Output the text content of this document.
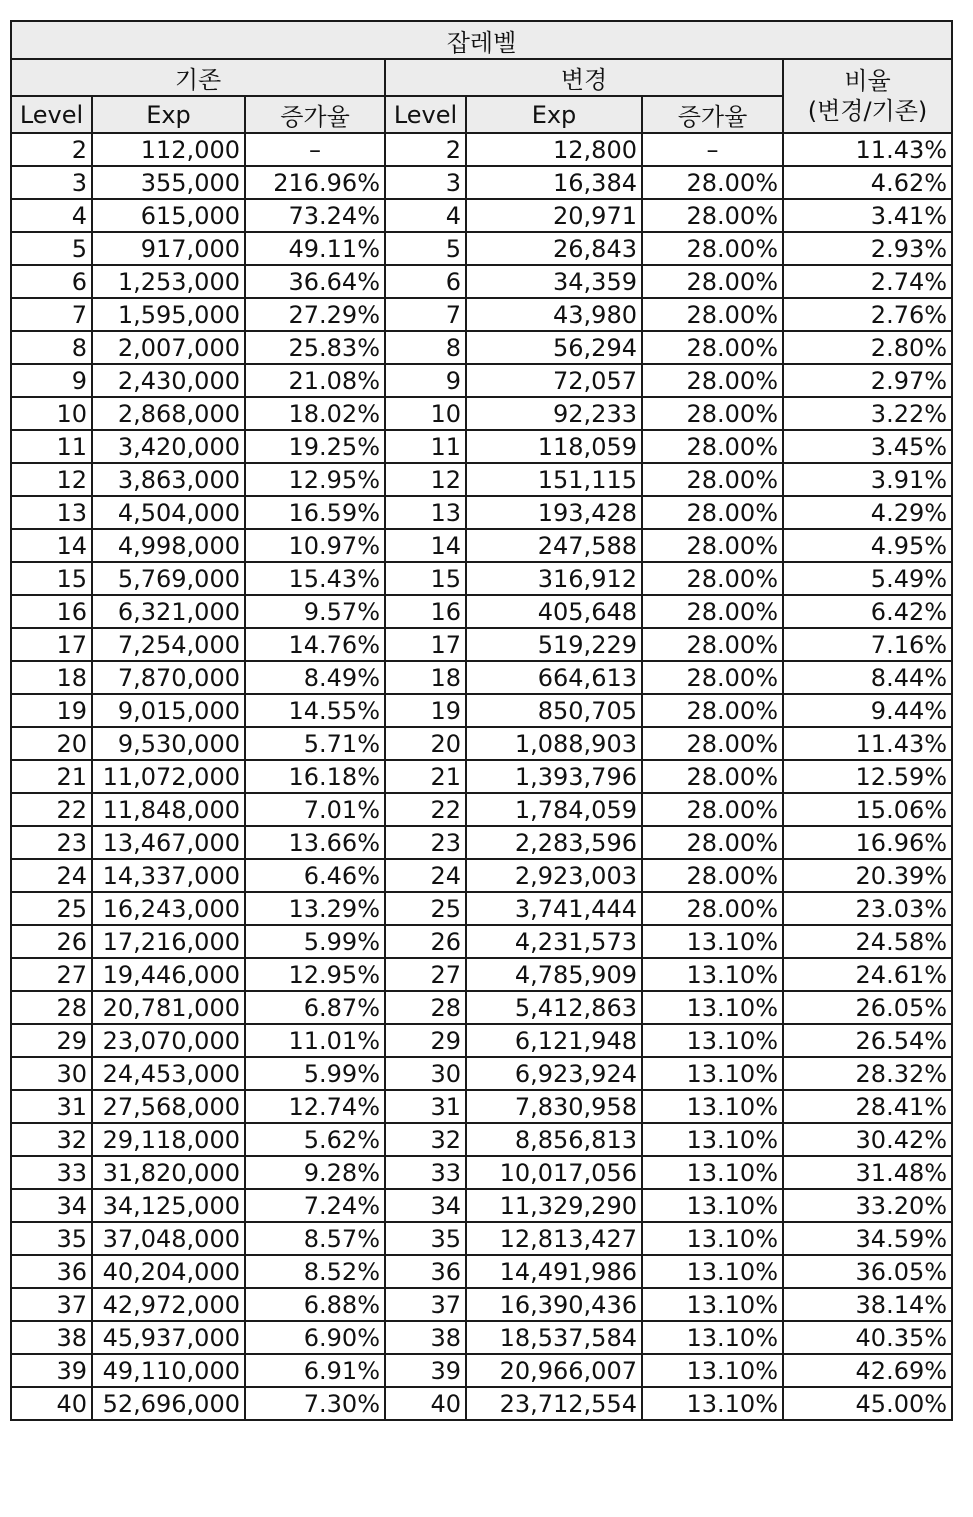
잡레벨						
기존			변경			비율
(변경/기존)

Level	Exp	증가율	Level	Exp	증가율	
2	112,000	–	2	12,800	–	11.43%
3	355,000	216.96%	3	16,384	28.00%	4.62%
4	615,000	73.24%	4	20,971	28.00%	3.41%
5	917,000	49.11%	5	26,843	28.00%	2.93%
6	1,253,000	36.64%	6	34,359	28.00%	2.74%
7	1,595,000	27.29%	7	43,980	28.00%	2.76%
8	2,007,000	25.83%	8	56,294	28.00%	2.80%
9	2,430,000	21.08%	9	72,057	28.00%	2.97%
10	2,868,000	18.02%	10	92,233	28.00%	3.22%
11	3,420,000	19.25%	11	118,059	28.00%	3.45%
12	3,863,000	12.95%	12	151,115	28.00%	3.91%
13	4,504,000	16.59%	13	193,428	28.00%	4.29%
14	4,998,000	10.97%	14	247,588	28.00%	4.95%
15	5,769,000	15.43%	15	316,912	28.00%	5.49%
16	6,321,000	9.57%	16	405,648	28.00%	6.42%
17	7,254,000	14.76%	17	519,229	28.00%	7.16%
18	7,870,000	8.49%	18	664,613	28.00%	8.44%
19	9,015,000	14.55%	19	850,705	28.00%	9.44%
20	9,530,000	5.71%	20	1,088,903	28.00%	11.43%
21	11,072,000	16.18%	21	1,393,796	28.00%	12.59%
22	11,848,000	7.01%	22	1,784,059	28.00%	15.06%
23	13,467,000	13.66%	23	2,283,596	28.00%	16.96%
24	14,337,000	6.46%	24	2,923,003	28.00%	20.39%
25	16,243,000	13.29%	25	3,741,444	28.00%	23.03%
26	17,216,000	5.99%	26	4,231,573	13.10%	24.58%
27	19,446,000	12.95%	27	4,785,909	13.10%	24.61%
28	20,781,000	6.87%	28	5,412,863	13.10%	26.05%
29	23,070,000	11.01%	29	6,121,948	13.10%	26.54%
30	24,453,000	5.99%	30	6,923,924	13.10%	28.32%
31	27,568,000	12.74%	31	7,830,958	13.10%	28.41%
32	29,118,000	5.62%	32	8,856,813	13.10%	30.42%
33	31,820,000	9.28%	33	10,017,056	13.10%	31.48%
34	34,125,000	7.24%	34	11,329,290	13.10%	33.20%
35	37,048,000	8.57%	35	12,813,427	13.10%	34.59%
36	40,204,000	8.52%	36	14,491,986	13.10%	36.05%
37	42,972,000	6.88%	37	16,390,436	13.10%	38.14%
38	45,937,000	6.90%	38	18,537,584	13.10%	40.35%
39	49,110,000	6.91%	39	20,966,007	13.10%	42.69%
40	52,696,000	7.30%	40	23,712,554	13.10%	45.00%
